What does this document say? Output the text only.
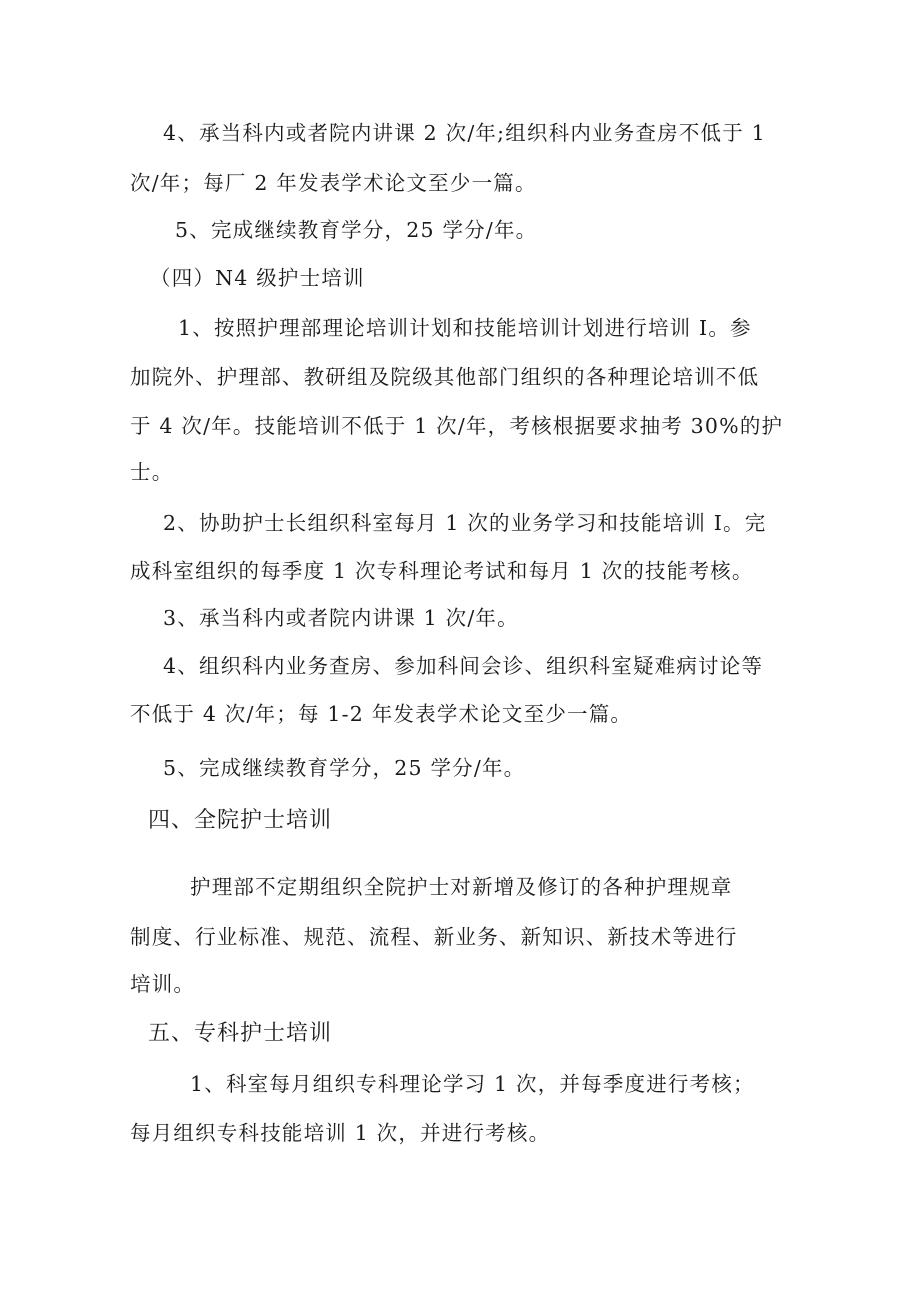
4、承当科内或者院内讲课 2 次/年;组织科内业务查房不低于 1
次/年；每厂 2 年发表学术论文至少一篇。
5、完成继续教育学分，25 学分/年。
（四）N4 级护士培训
1、按照护理部理论培训计划和技能培训计划进行培训 I。参
加院外、护理部、教研组及院级其他部门组织的各种理论培训不低
于 4 次/年。技能培训不低于 1 次/年，考核根据要求抽考 30%的护
士。
2、协助护士长组织科室每月 1 次的业务学习和技能培训 I。完
成科室组织的每季度 1 次专科理论考试和每月 1 次的技能考核。
3、承当科内或者院内讲课 1 次/年。
4、组织科内业务查房、参加科间会诊、组织科室疑难病讨论等
不低于 4 次/年；每 1-2 年发表学术论文至少一篇。
5、完成继续教育学分，25 学分/年。
四、全院护士培训
护理部不定期组织全院护士对新增及修订的各种护理规章
制度、行业标准、规范、流程、新业务、新知识、新技术等进行
培训。
五、专科护士培训
1、科室每月组织专科理论学习 1 次，并每季度进行考核；
每月组织专科技能培训 1 次，并进行考核。
